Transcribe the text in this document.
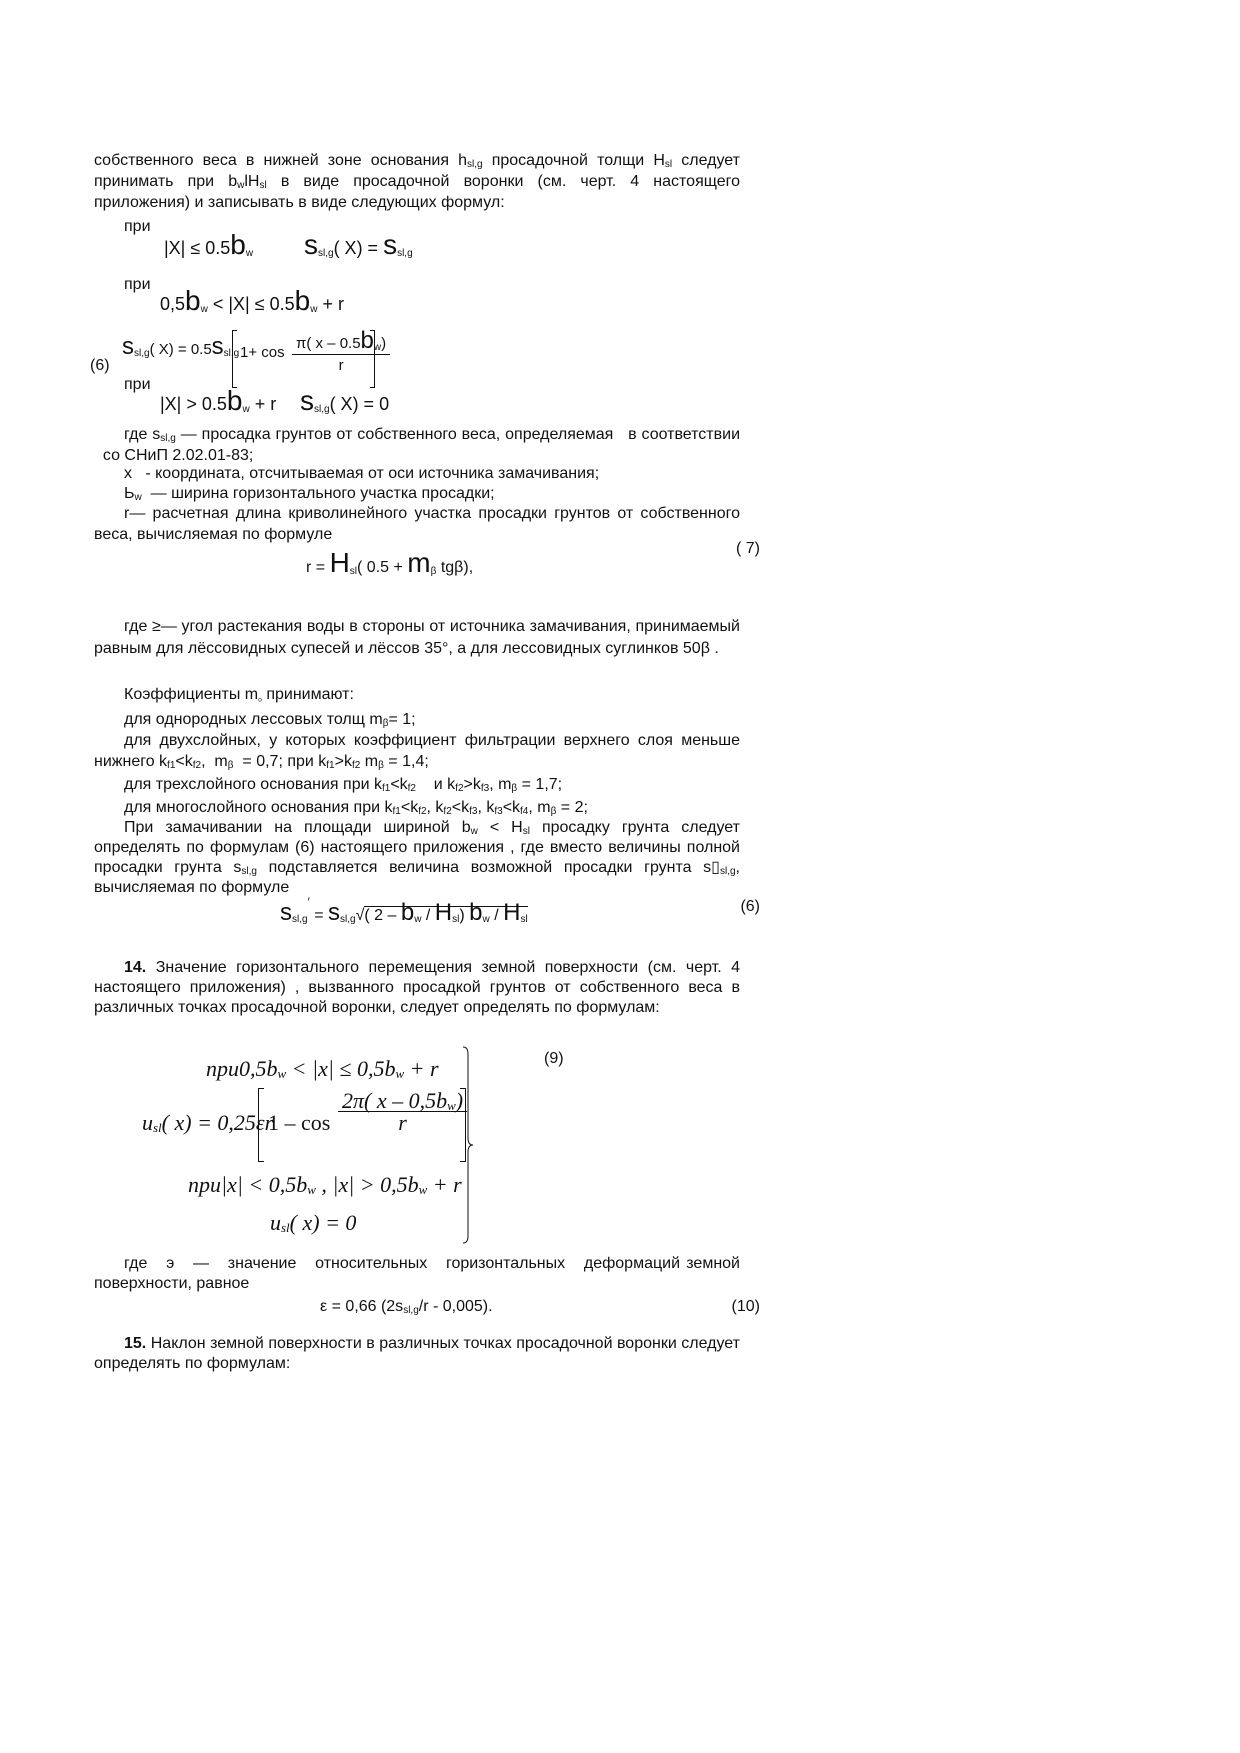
собственного веса в нижней зоне основания $h_{sl,g}$ просадочной толщи $H_{sl}$ следует принимать при $b_wlH_{sl}$ в виде просадочной воронки (см. черт. 4 настоящего приложения) и записывать в виде следующих формул:

при
$|X| \le 0.5b_w$ $s_{sl,g}$( $X) = s_{sl,g}$
при
$0,5b_w < |X| \le 0.5b_w + r$
$s_{sl,g}$( $X) = 0.5s_{sl,g}$ $1+ \cos \frac{\pi( x - 0.5b_w)}{r}$
(6)
при
$|X| > 0.5b_w + r$ $s_{sl,g}$( X) = 0

где $s_{sl,g}$ — просадка грунтов от собственного веса, определяемая   в соответствии   со СНиП 2.02.01-83;

x   - координата, отсчитываемая от оси источника замачивания;

$Ь_w$  — ширина горизонтального участка просадки;

r— расчетная длина криволинейного участка просадки грунтов от собственного веса, вычисляемая по формуле

( 7)
$r = H_{sl}$( $0.5 + m_\beta$ tgβ),

где ≥— угол растекания воды в стороны от источника замачивания, принимаемый равным для лёссовидных супесей и лёссов 35°, а для лессовидных суглинков 50β .

Коэффициенты $m_{_o}$ принимают:

для однородных лессовых толщ $m_\beta= 1$;

для двухслойных, у которых коэффициент фильтрации верхнего слоя меньше нижнего $k_{f1}<k_{f2}$,  $m_\beta = 0,7$; при $k_{f1}>k_{f2}$ $m_\beta = 1,4$;

для трехслойного основания при $k_{f1}<k_{f2}$    и $k_{f2}>k_{f3}$, $m_\beta = 1,7$;

для многослойного основания при $k_{f1}<k_{f2}$, $k_{f2}<k_{f3}$, $k_{f3}<k_{f4}$, $m_\beta = 2$;

При замачивании на площади шириной $b_w < H_{sl}$ просадку грунта следует определять по формулам (6) настоящего приложения , где вместо величины полной просадки грунта $s_{sl,g}$ подставляется величина возможной просадки грунта $s▯_{sl,g}$, вычисляемая по формуле

(6)
$s_{sl,g}' = s_{sl,g}√$( $2 - b_w / H_{sl}$) $b_w / H_{sl}$

14. Значение горизонтального перемещения земной поверхности (см. черт. 4 настоящего приложения) , вызванного просадкой грунтов от собственного веса в различных точках просадочной воронки, следует определять по формулам:

(9)
$npu0,5b_w < |x| \le 0,5b_w + r$
$u_{sl}$( x) = 0,25εr
$1 - \cos \frac{2\pi( x - 0,5b_w)}{r}$
$npu|x| < 0,5b_w$ , $|x| > 0,5b_w + r$
$u_{sl}$( x) = 0

где   э   —   значение   относительных   горизонтальных   деформаций земной поверхности, равное

ε = 0,66 $(2s_{sl,g}/r - 0,005)$.	(10)

15. Наклон земной поверхности в различных точках просадочной воронки следует определять по формулам:
